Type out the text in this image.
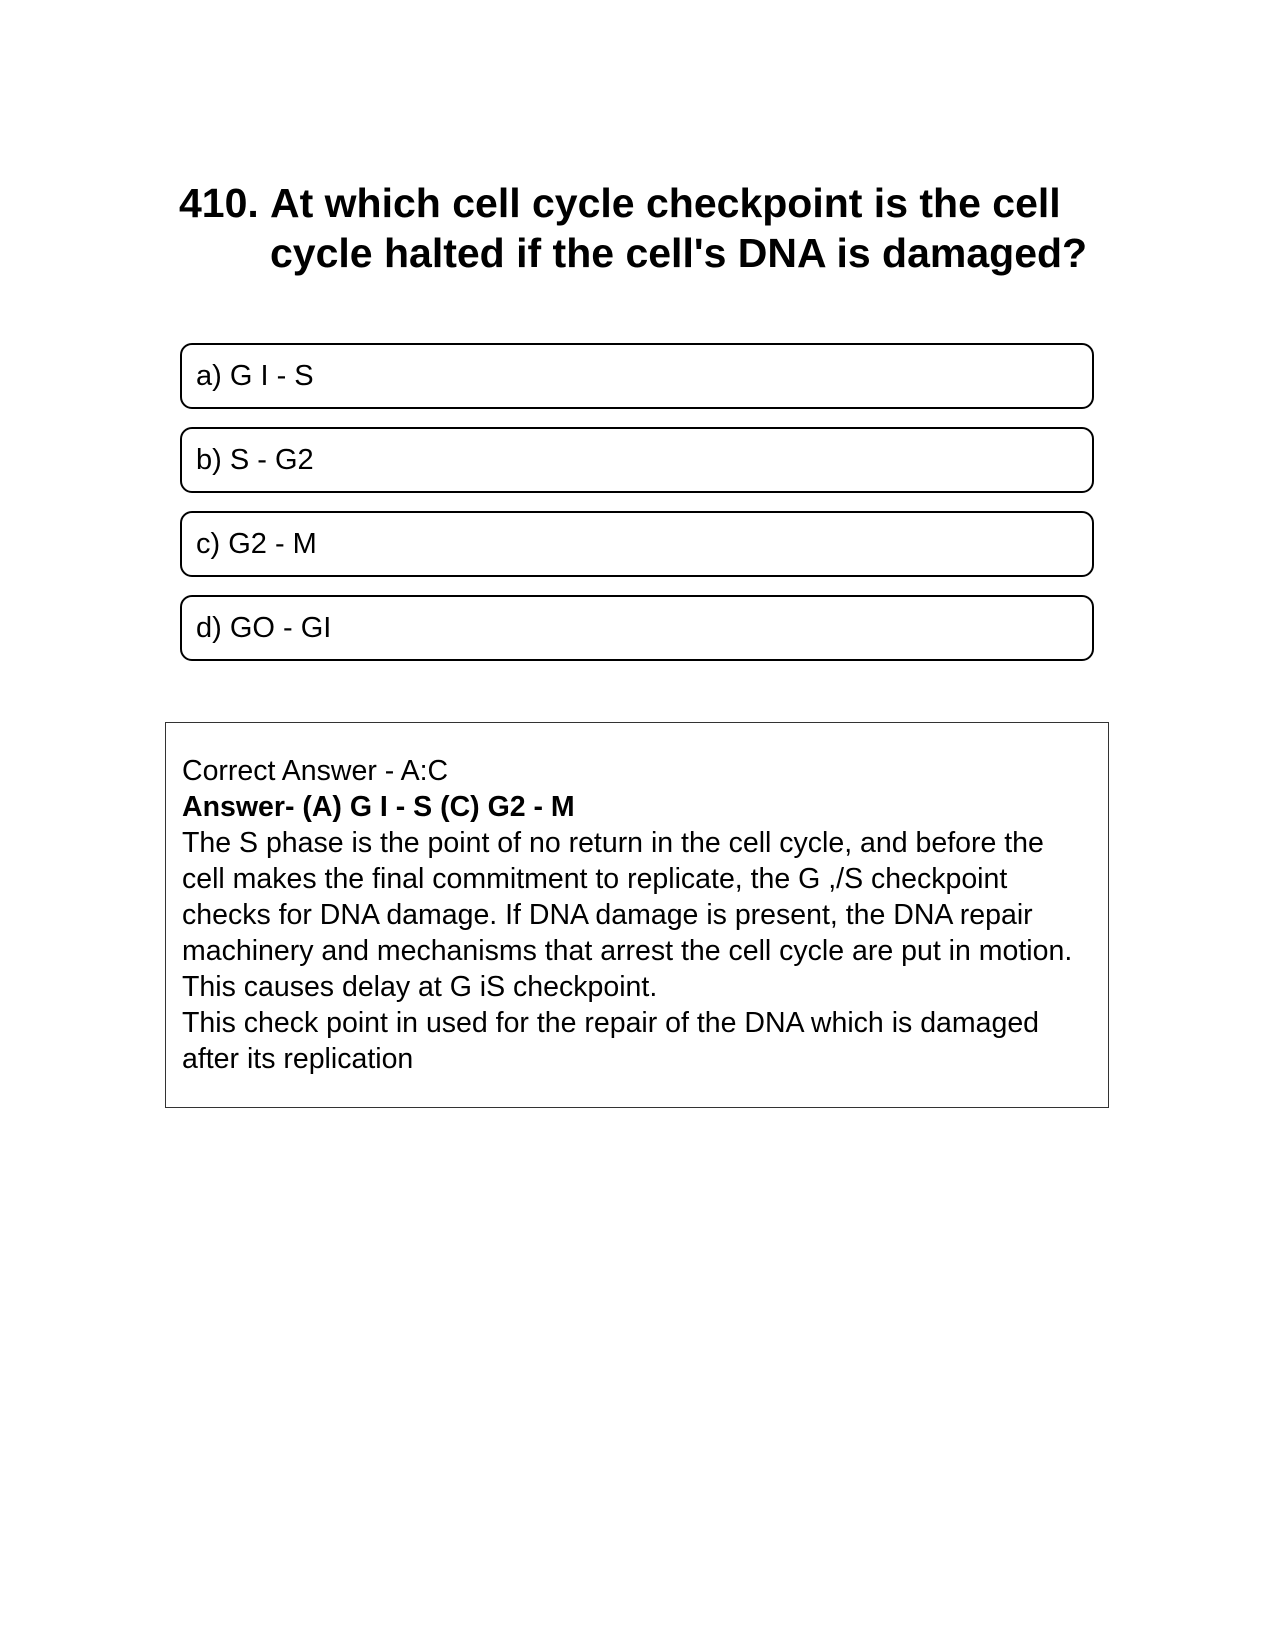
410. At which cell cycle checkpoint is the cell cycle halted if the cell's DNA is damaged?
a) G I - S
b) S - G2
c) G2 - M
d) GO - GI

Correct Answer - A:C

Answer- (A) G I - S (C) G2 - M

The S phase is the point of no return in the cell cycle, and before the cell makes the final commitment to replicate, the G ,/S checkpoint checks for DNA damage. If DNA damage is present, the DNA repair machinery and mechanisms that arrest the cell cycle are put in motion. This causes delay at G iS checkpoint.

This check point in used for the repair of the DNA which is damaged after its replication
